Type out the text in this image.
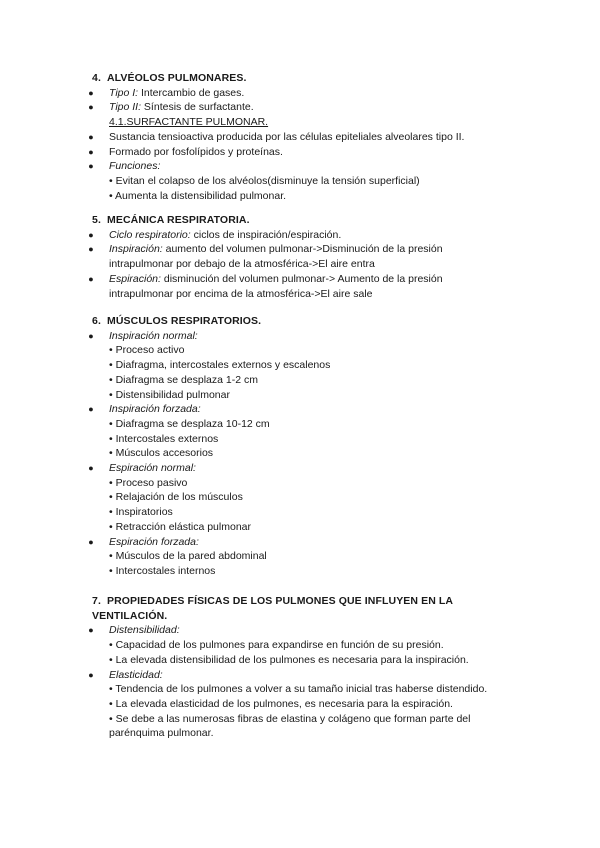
4. ALVÉOLOS PULMONARES.
● Tipo I: Intercambio de gases.
● Tipo II: Síntesis de surfactante.
4.1.SURFACTANTE PULMONAR.
● Sustancia tensioactiva producida por las células epiteliales alveolares tipo II.
● Formado por fosfolípidos y proteínas.
● Funciones:
• Evitan el colapso de los alvéolos(disminuye la tensión superficial)
• Aumenta la distensibilidad pulmonar.
5. MECÁNICA RESPIRATORIA.
● Ciclo respiratorio: ciclos de inspiración/espiración.
● Inspiración: aumento del volumen pulmonar->Disminución de la presión
intrapulmonar por debajo de la atmosférica->El aire entra
● Espiración: disminución del volumen pulmonar-> Aumento de la presión
intrapulmonar por encima de la atmosférica->El aire sale
6. MÚSCULOS RESPIRATORIOS.
● Inspiración normal:
• Proceso activo
• Diafragma, intercostales externos y escalenos
• Diafragma se desplaza 1-2 cm
• Distensibilidad pulmonar
● Inspiración forzada:
• Diafragma se desplaza 10-12 cm
• Intercostales externos
• Músculos accesorios
● Espiración normal:
• Proceso pasivo
• Relajación de los músculos
• Inspiratorios
• Retracción elástica pulmonar
● Espiración forzada:
• Músculos de la pared abdominal
• Intercostales internos
7. PROPIEDADES FÍSICAS DE LOS PULMONES QUE INFLUYEN EN LA
VENTILACIÓN.
● Distensibilidad:
• Capacidad de los pulmones para expandirse en función de su presión.
• La elevada distensibilidad de los pulmones es necesaria para la inspiración.
● Elasticidad:
• Tendencia de los pulmones a volver a su tamaño inicial tras haberse distendido.
• La elevada elasticidad de los pulmones, es necesaria para la espiración.
• Se debe a las numerosas fibras de elastina y colágeno que forman parte del
parénquima pulmonar.
